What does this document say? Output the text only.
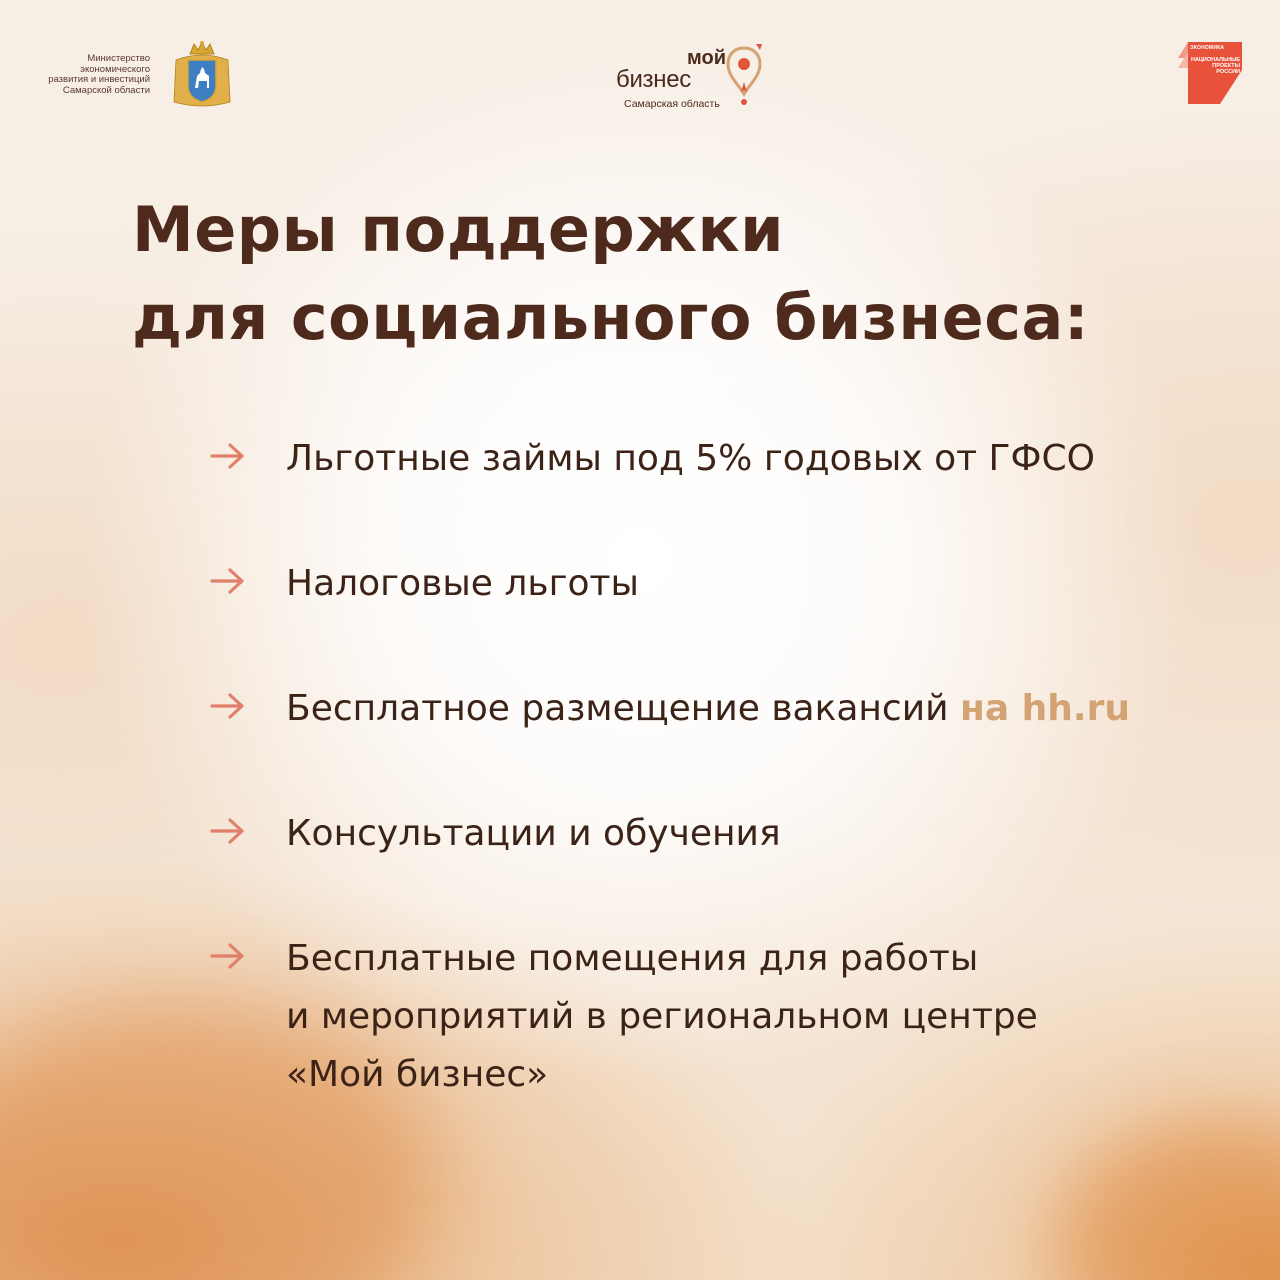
Министерство
экономического
развития и инвестиций
Самарской области
мой
бизнес
Самарская область
ЭКОНОМИКА
НАЦИОНАЛЬНЫЕ
ПРОЕКТЫ
РОССИИ
Меры поддержки
для социального бизнеса:
Льготные займы под 5% годовых от ГФСО
Налоговые льготы
Бесплатное размещение вакансий на hh.ru
Консультации и обучения
Бесплатные помещения для работы
и мероприятий в региональном центре
«Мой бизнес»
